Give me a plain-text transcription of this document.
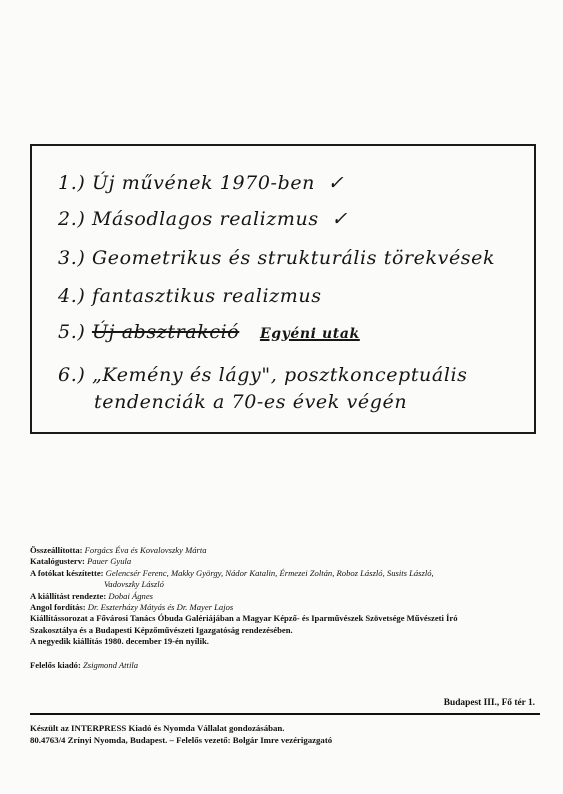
1.) Új művének 1970-ben ✓
2.) Másodlagos realizmus ✓
3.) Geometrikus és strukturális törekvések
4.) fantasztikus realizmus
5.) Új absztrakció Egyéni utak
6.) „Kemény és lágy", posztkonceptuális
tendenciák a 70-es évek végén
Összeállította: Forgács Éva és Kovalovszky Márta
Katalógusterv: Pauer Gyula
A fotókat készítette: Gelencsér Ferenc, Makky György, Nádor Katalin, Érmezei Zoltán, Roboz László, Susits László,
Vadovszky László
A kiállítást rendezte: Dobai Ágnes
Angol fordítás: Dr. Eszterházy Mátyás és Dr. Mayer Lajos
Kiállítássorozat a Fővárosi Tanács Óbuda Galériájában a Magyar Képző- és Iparművészek Szövetsége Művészeti Író
Szakosztálya és a Budapesti Képzőművészeti Igazgatóság rendezésében.
A negyedik kiállítás 1980. december 19-én nyílik.
Felelős kiadó: Zsigmond Attila
Budapest III., Fő tér 1.
Készült az INTERPRESS Kiadó és Nyomda Vállalat gondozásában.
80.4763/4 Zrínyi Nyomda, Budapest. – Felelős vezető: Bolgár Imre vezérigazgató
